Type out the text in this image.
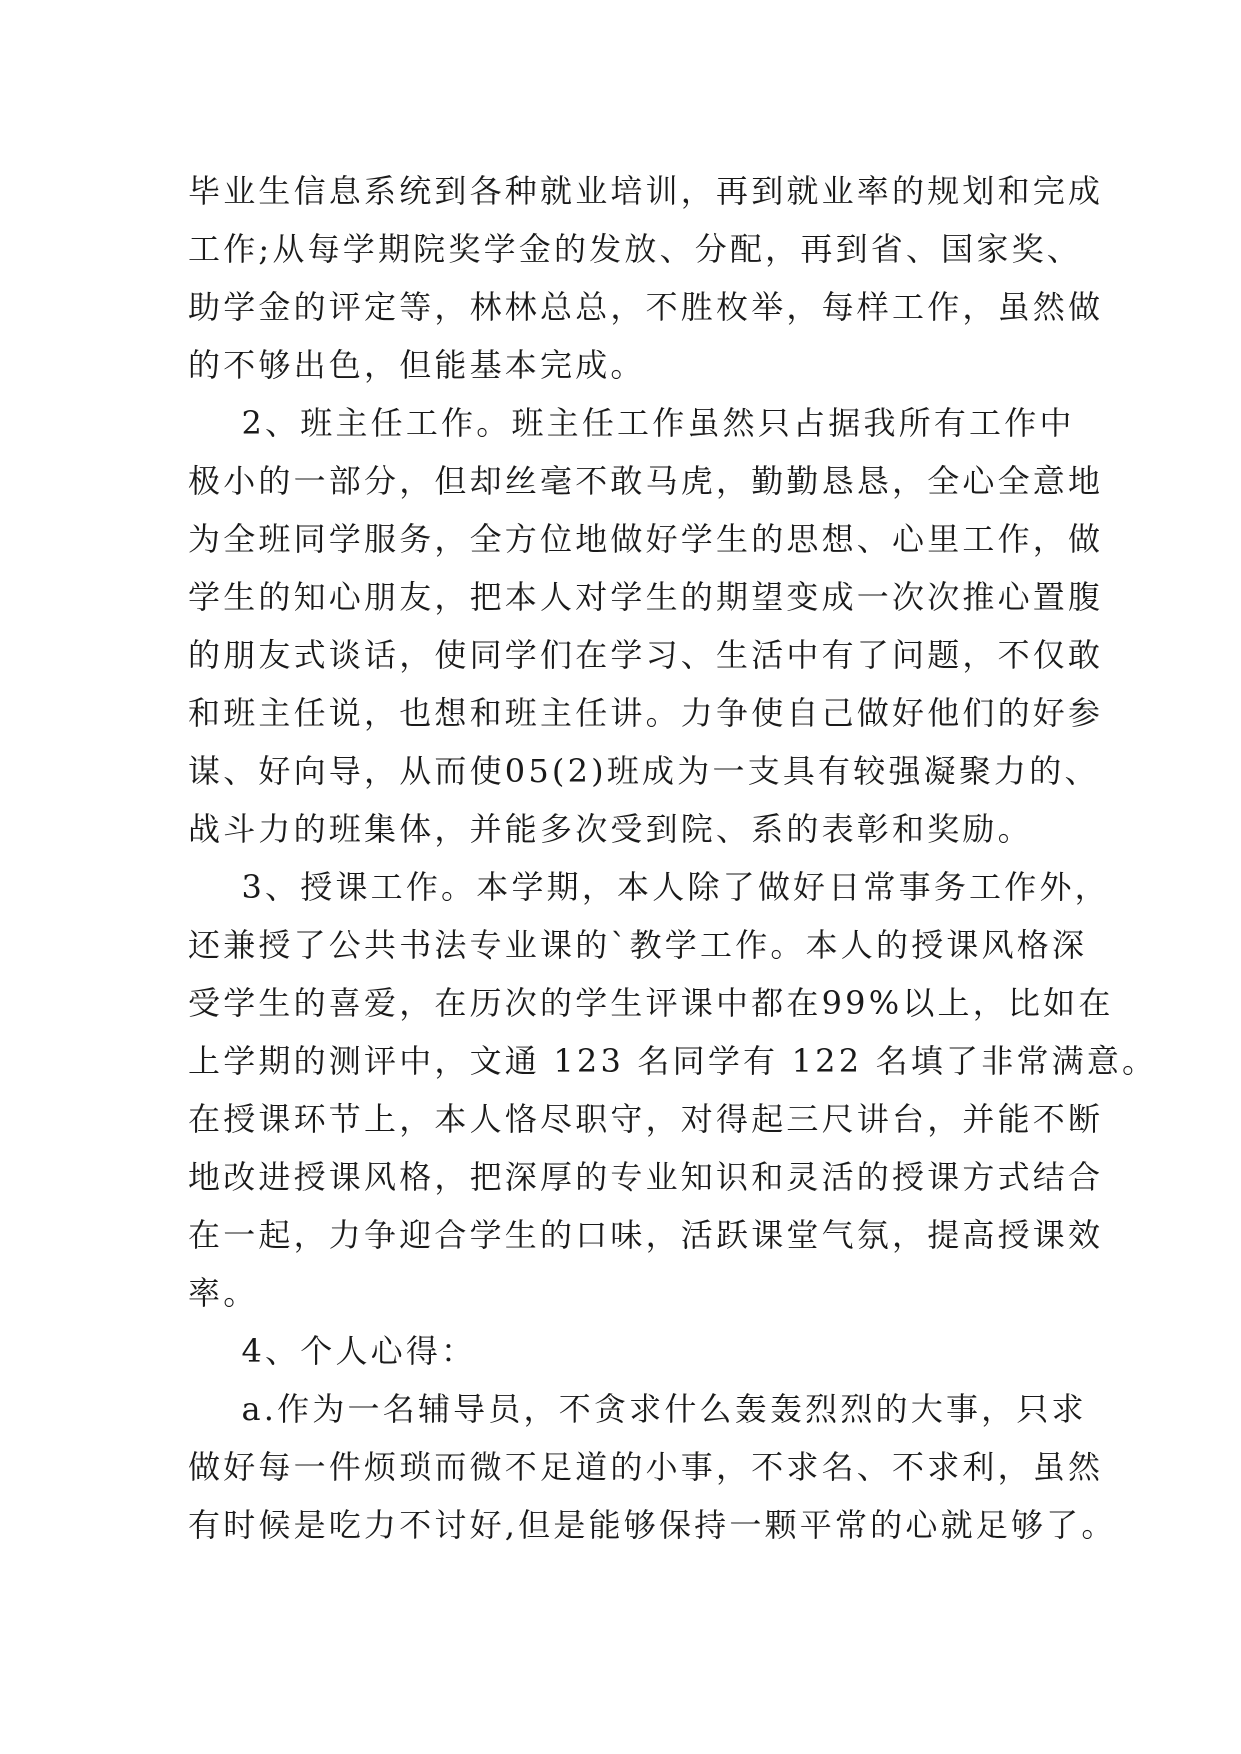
毕业生信息系统到各种就业培训，再到就业率的规划和完成
工作;从每学期院奖学金的发放、分配，再到省、国家奖、
助学金的评定等，林林总总，不胜枚举，每样工作，虽然做
的不够出色，但能基本完成。
2、班主任工作。班主任工作虽然只占据我所有工作中
极小的一部分，但却丝毫不敢马虎，勤勤恳恳，全心全意地
为全班同学服务，全方位地做好学生的思想、心里工作，做
学生的知心朋友，把本人对学生的期望变成一次次推心置腹
的朋友式谈话，使同学们在学习、生活中有了问题，不仅敢
和班主任说，也想和班主任讲。力争使自己做好他们的好参
谋、好向导，从而使05(2)班成为一支具有较强凝聚力的、
战斗力的班集体，并能多次受到院、系的表彰和奖励。
3、授课工作。本学期，本人除了做好日常事务工作外，
还兼授了公共书法专业课的`教学工作。本人的授课风格深
受学生的喜爱，在历次的学生评课中都在99%以上，比如在
上学期的测评中，文通 123 名同学有 122 名填了非常满意。
在授课环节上，本人恪尽职守，对得起三尺讲台，并能不断
地改进授课风格，把深厚的专业知识和灵活的授课方式结合
在一起，力争迎合学生的口味，活跃课堂气氛，提高授课效
率。
4、个人心得：
a.作为一名辅导员，不贪求什么轰轰烈烈的大事，只求
做好每一件烦琐而微不足道的小事，不求名、不求利，虽然
有时候是吃力不讨好,但是能够保持一颗平常的心就足够了。
